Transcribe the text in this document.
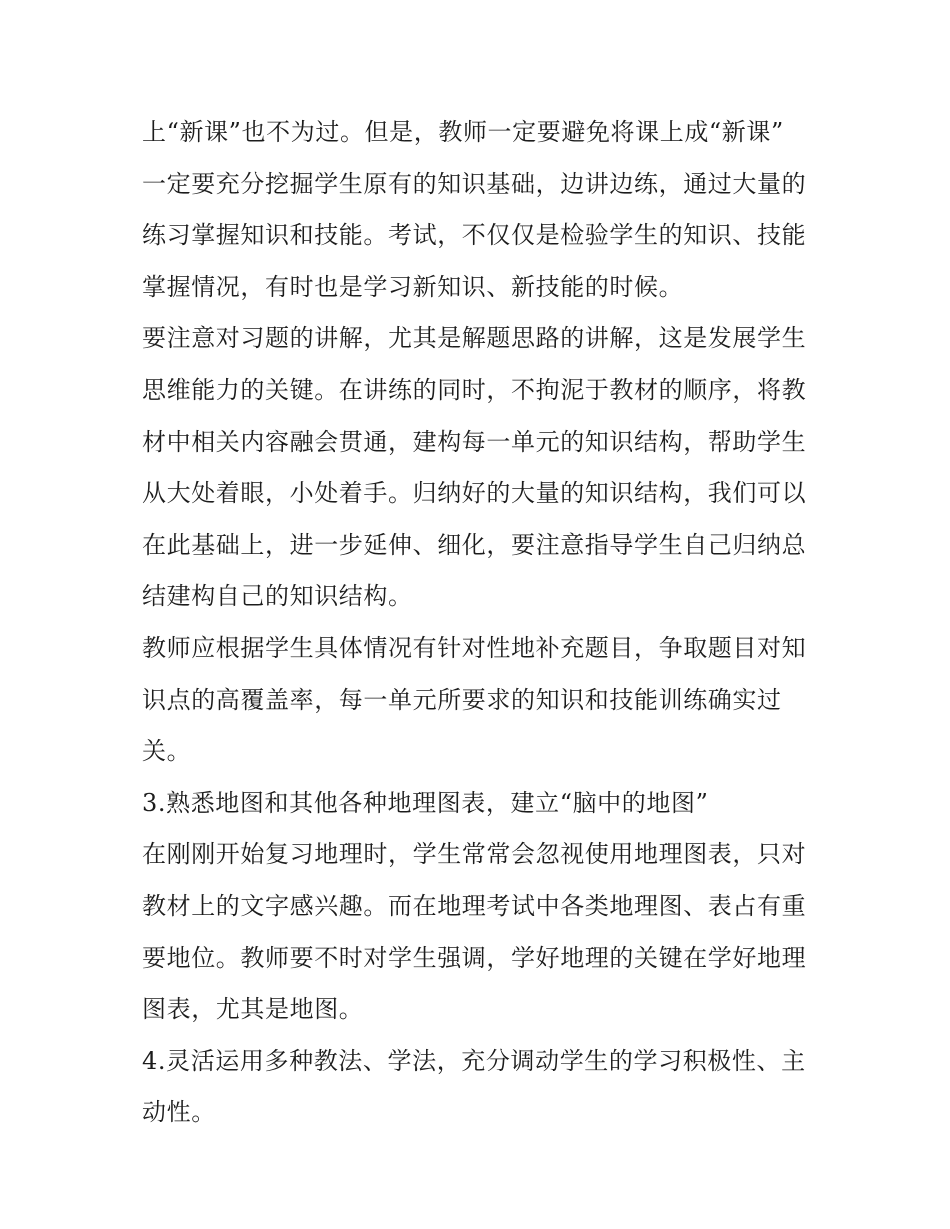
上“新课”也不为过。但是，教师一定要避免将课上成“新课”
一定要充分挖掘学生原有的知识基础，边讲边练，通过大量的
练习掌握知识和技能。考试，不仅仅是检验学生的知识、技能
掌握情况，有时也是学习新知识、新技能的时候。
要注意对习题的讲解，尤其是解题思路的讲解，这是发展学生
思维能力的关键。在讲练的同时，不拘泥于教材的顺序，将教
材中相关内容融会贯通，建构每一单元的知识结构，帮助学生
从大处着眼，小处着手。归纳好的大量的知识结构，我们可以
在此基础上，进一步延伸、细化，要注意指导学生自己归纳总
结建构自己的知识结构。
教师应根据学生具体情况有针对性地补充题目，争取题目对知
识点的高覆盖率，每一单元所要求的知识和技能训练确实过
关。
3.熟悉地图和其他各种地理图表，建立“脑中的地图”
在刚刚开始复习地理时，学生常常会忽视使用地理图表，只对
教材上的文字感兴趣。而在地理考试中各类地理图、表占有重
要地位。教师要不时对学生强调，学好地理的关键在学好地理
图表，尤其是地图。
4.灵活运用多种教法、学法，充分调动学生的学习积极性、主
动性。
